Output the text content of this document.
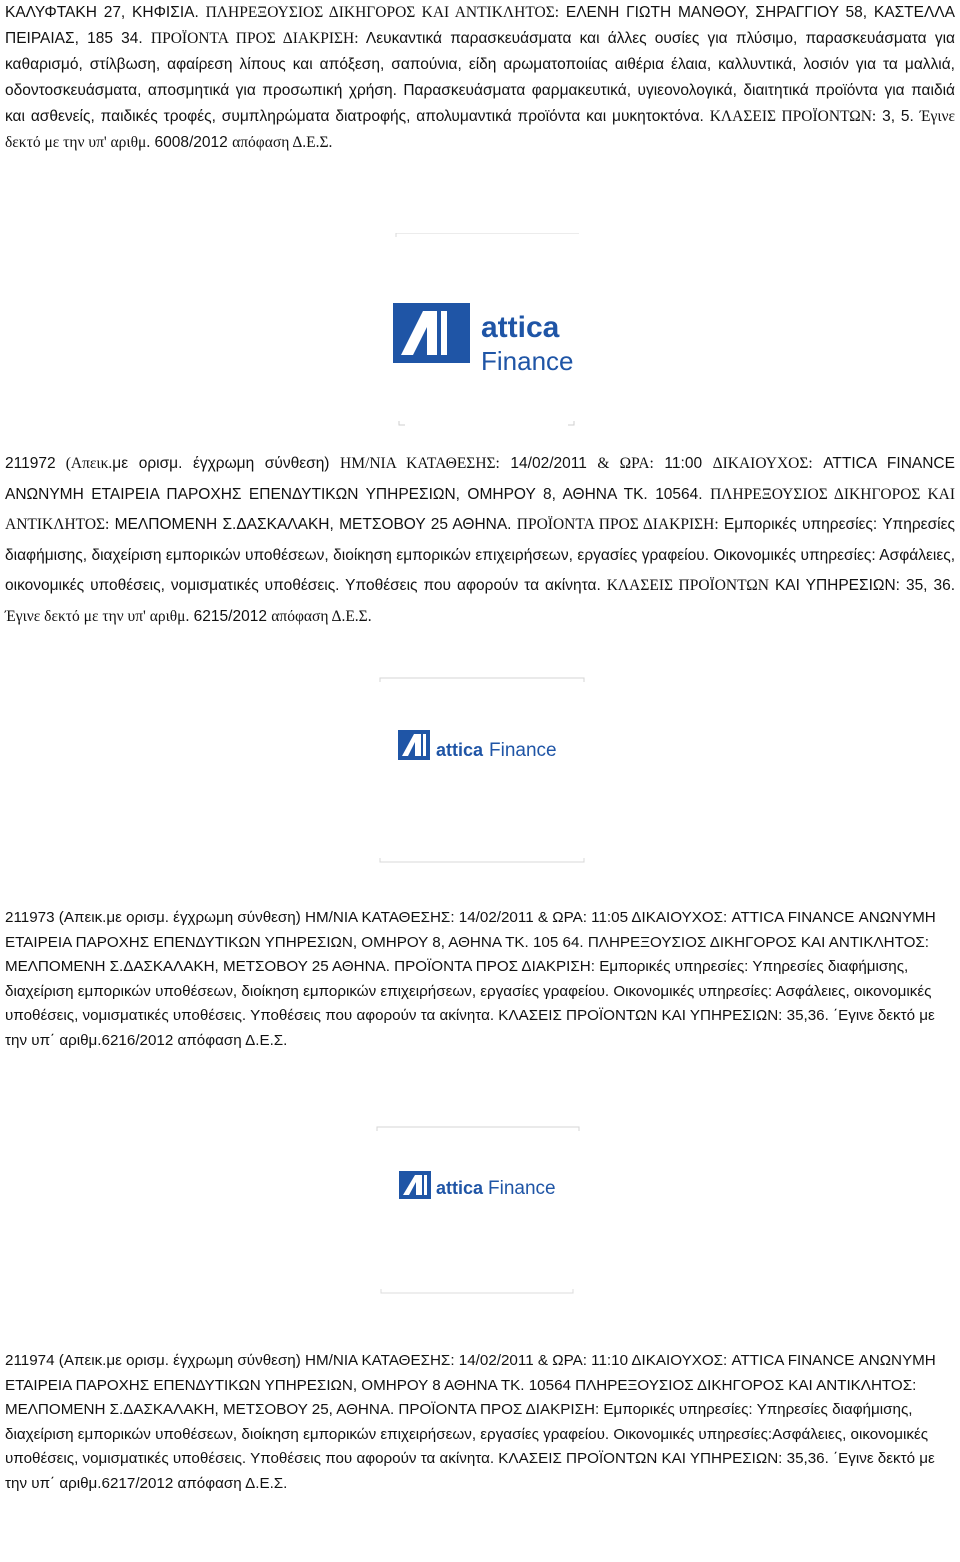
ΚΑΛΥΦΤΑΚΗ 27, ΚΗΦΙΣΙΑ. ΠΛΗΡΕΞΟΥΣΙΟΣ ΔΙΚΗΓΟΡΟΣ ΚΑΙ ΑΝΤΙΚΛΗΤΟΣ: ΕΛΕΝΗ ΓΙΩΤΗ ΜΑΝΘΟΥ, ΣΗΡΑΓΓΙΟΥ 58, ΚΑΣΤΕΛΛΑ ΠΕΙΡΑΙΑΣ, 185 34. ΠΡΟΪΟΝΤΑ ΠΡΟΣ ΔΙΑΚΡΙΣΗ: Λευκαντικά παρασκευάσματα και άλλες ουσίες για πλύσιμο, παρασκευάσματα για καθαρισμό, στίλβωση, αφαίρεση λίπους και απόξεση, σαπούνια, είδη αρωματοποιίας αιθέρια έλαια, καλλυντικά, λοσιόν για τα μαλλιά, οδοντοσκευάσματα, αποσμητικά για προσωπική χρήση. Παρασκευάσματα φαρμακευτικά, υγιεονολογικά, διαιτητικά προϊόντα για παιδιά και ασθενείς, παιδικές τροφές, συμπληρώματα διατροφής, απολυμαντικά προϊόντα και μυκητοκτόνα. ΚΛΑΣΕΙΣ ΠΡΟΪΟΝΤΩΝ: 3, 5. Έγινε δεκτό με την υπ' αριθμ. 6008/2012 απόφαση Δ.Ε.Σ.

attica
Finance

211972 (Απεικ.με ορισμ. έγχρωμη σύνθεση) ΗΜ/ΝΙΑ ΚΑΤΑΘΕΣΗΣ: 14/02/2011 & ΩΡΑ: 11:00 ΔΙΚΑΙΟΥΧΟΣ: ATTICA FINANCE ΑΝΩΝΥΜΗ ΕΤΑΙΡΕΙΑ ΠΑΡΟΧΗΣ ΕΠΕΝΔΥΤΙΚΩΝ ΥΠΗΡΕΣΙΩΝ, ΟΜΗΡΟΥ 8, ΑΘΗΝΑ ΤΚ. 10564. ΠΛΗΡΕΞΟΥΣΙΟΣ ΔΙΚΗΓΟΡΟΣ ΚΑΙ ΑΝΤΙΚΛΗΤΟΣ: ΜΕΛΠΟΜΕΝΗ Σ.ΔΑΣΚΑΛΑΚΗ, ΜΕΤΣΟΒΟΥ 25 ΑΘΗΝΑ. ΠΡΟΪΟΝΤΑ ΠΡΟΣ ΔΙΑΚΡΙΣΗ: Εμπορικές υπηρεσίες: Υπηρεσίες διαφήμισης, διαχείριση εμπορικών υποθέσεων, διοίκηση εμπορικών επιχειρήσεων, εργασίες γραφείου. Οικονομικές υπηρεσίες: Ασφάλειες, οικονομικές υποθέσεις, νομισματικές υποθέσεις. Υποθέσεις που αφορούν τα ακίνητα. ΚΛΑΣΕΙΣ ΠΡΟΪΟΝΤΩΝ ΚΑΙ ΥΠΗΡΕΣΙΩΝ: 35, 36. Έγινε δεκτό με την υπ' αριθμ. 6215/2012 απόφαση Δ.Ε.Σ.

attica Finance

211973 (Απεικ.με ορισμ. έγχρωμη σύνθεση) ΗΜ/ΝΙΑ ΚΑΤΑΘΕΣΗΣ: 14/02/2011 & ΩΡΑ: 11:05 ΔΙΚΑΙΟΥΧΟΣ: ATTICA FINANCE ΑΝΩΝΥΜΗ ΕΤΑΙΡΕΙΑ ΠΑΡΟΧΗΣ ΕΠΕΝΔΥΤΙΚΩΝ ΥΠΗΡΕΣΙΩΝ, ΟΜΗΡΟΥ 8, ΑΘΗΝΑ ΤΚ. 105 64. ΠΛΗΡΕΞΟΥΣΙΟΣ ΔΙΚΗΓΟΡΟΣ ΚΑΙ ΑΝΤΙΚΛΗΤΟΣ: ΜΕΛΠΟΜΕΝΗ Σ.ΔΑΣΚΑΛΑΚΗ, ΜΕΤΣΟΒΟΥ 25 ΑΘΗΝΑ. ΠΡΟΪΟΝΤΑ ΠΡΟΣ ΔΙΑΚΡΙΣΗ: Εμπορικές υπηρεσίες: Υπηρεσίες διαφήμισης, διαχείριση εμπορικών υποθέσεων, διοίκηση εμπορικών επιχειρήσεων, εργασίες γραφείου. Οικονομικές υπηρεσίες: Ασφάλειες, οικονομικές υποθέσεις, νομισματικές υποθέσεις. Υποθέσεις που αφορούν τα ακίνητα. ΚΛΑΣΕΙΣ ΠΡΟΪΟΝΤΩΝ ΚΑΙ ΥΠΗΡΕΣΙΩΝ: 35,36. ΄Εγινε δεκτό με την υπ΄ αριθμ.6216/2012 απόφαση Δ.Ε.Σ.

attica Finance

211974 (Απεικ.με ορισμ. έγχρωμη σύνθεση) ΗΜ/ΝΙΑ ΚΑΤΑΘΕΣΗΣ: 14/02/2011 & ΩΡΑ: 11:10 ΔΙΚΑΙΟΥΧΟΣ: ATTICA FINANCE ΑΝΩΝΥΜΗ ΕΤΑΙΡΕΙΑ ΠΑΡΟΧΗΣ ΕΠΕΝΔΥΤΙΚΩΝ ΥΠΗΡΕΣΙΩΝ, ΟΜΗΡΟΥ 8 ΑΘΗΝΑ ΤΚ. 10564 ΠΛΗΡΕΞΟΥΣΙΟΣ ΔΙΚΗΓΟΡΟΣ ΚΑΙ ΑΝΤΙΚΛΗΤΟΣ: ΜΕΛΠΟΜΕΝΗ Σ.ΔΑΣΚΑΛΑΚΗ, ΜΕΤΣΟΒΟΥ 25, ΑΘΗΝΑ. ΠΡΟΪΟΝΤΑ ΠΡΟΣ ΔΙΑΚΡΙΣΗ: Εμπορικές υπηρεσίες: Υπηρεσίες διαφήμισης, διαχείριση εμπορικών υποθέσεων, διοίκηση εμπορικών επιχειρήσεων, εργασίες γραφείου. Οικονομικές υπηρεσίες:Ασφάλειες, οικονομικές υποθέσεις, νομισματικές υποθέσεις. Υποθέσεις που αφορούν τα ακίνητα. ΚΛΑΣΕΙΣ ΠΡΟΪΟΝΤΩΝ ΚΑΙ ΥΠΗΡΕΣΙΩΝ: 35,36. ΄Εγινε δεκτό με την υπ΄ αριθμ.6217/2012 απόφαση Δ.Ε.Σ.
